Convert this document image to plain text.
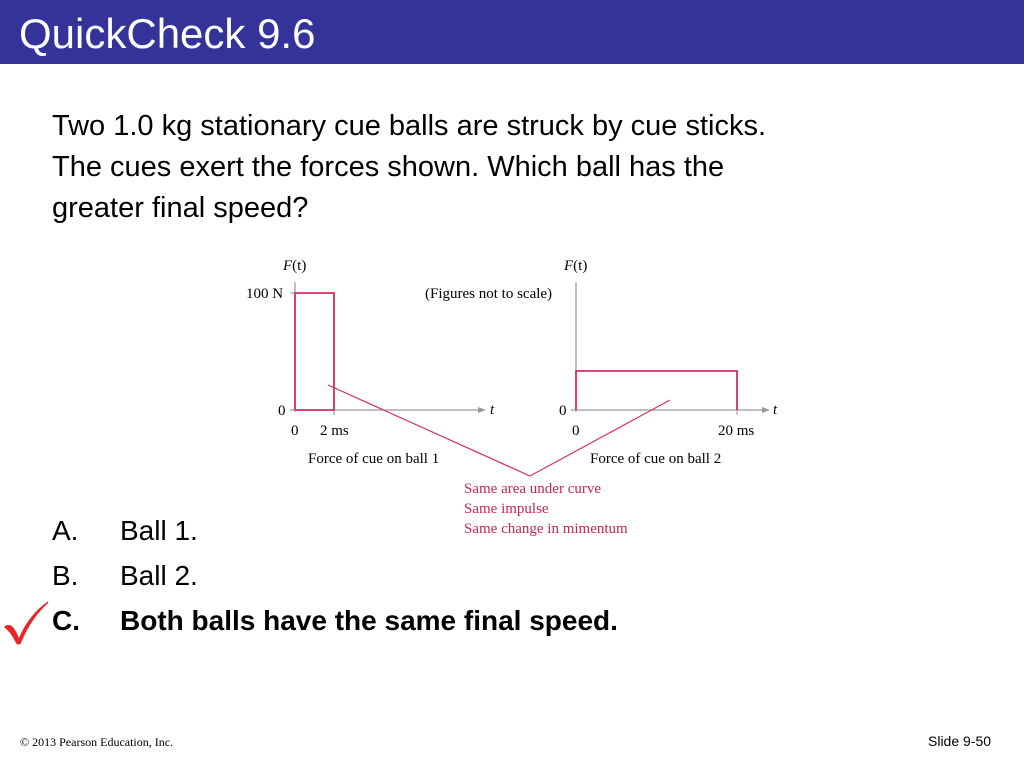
QuickCheck 9.6
Two 1.0 kg stationary cue balls are struck by cue sticks.
The cues exert the forces shown. Which ball has the
greater final speed?
F(t)
100 N
0
0 2 ms
t
Force of cue on ball 1
F(t)
(Figures not to scale)
0
0	20 ms
t
Force of cue on ball 2
Same area under curve
Same impulse
Same change in mimentum
A. Ball 1.
B. Ball 2.
C. Both balls have the same final speed.
© 2013 Pearson Education, Inc.	Slide 9-50
